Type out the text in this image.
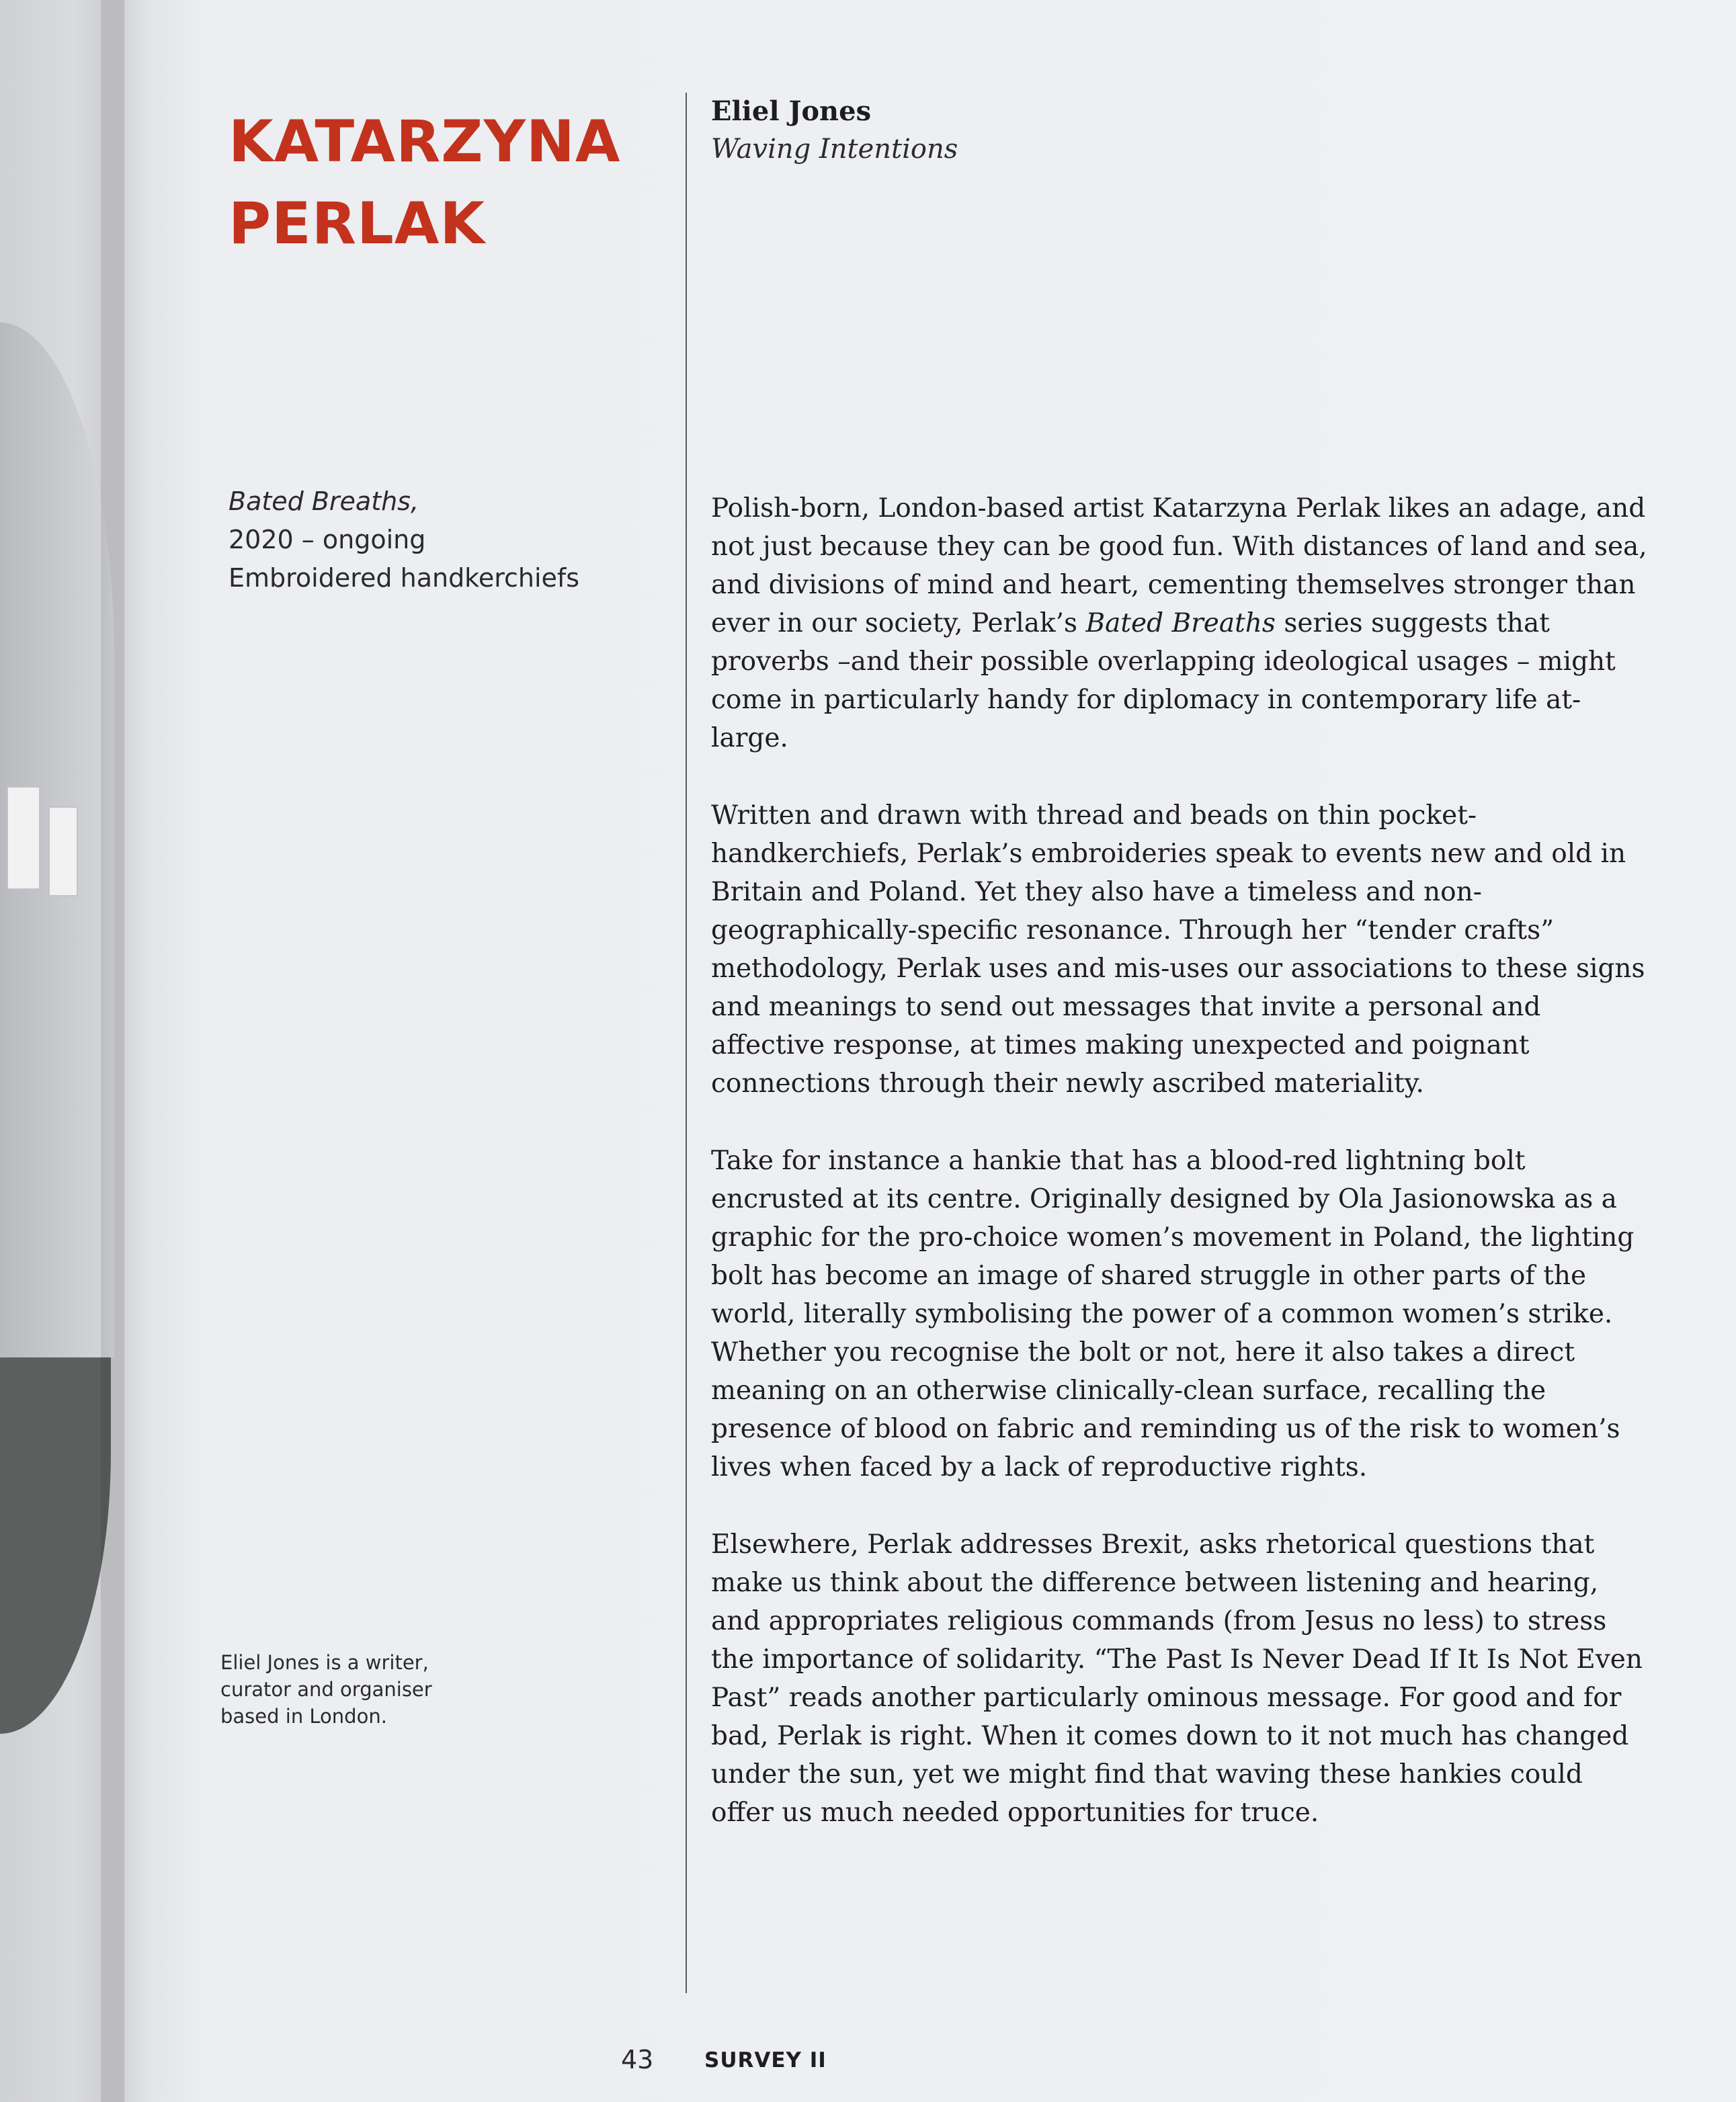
KATARZYNA
PERLAK

Eliel Jones

Waving Intentions

Bated Breaths,
2020 – ongoing
Embroidered handkerchiefs
Eliel Jones is a writer, curator and organiser based in London.

Polish-born, London-based artist Katarzyna Perlak likes an adage, and not just because they can be good fun. With distances of land and sea, and divisions of mind and heart, cementing themselves stronger than ever in our society, Perlak’s Bated Breaths series suggests that proverbs –and their possible overlapping ideological usages – might come in particularly handy for diplomacy in contemporary life at-large.

Written and drawn with thread and beads on thin pocket-handkerchiefs, Perlak’s embroideries speak to events new and old in Britain and Poland. Yet they also have a timeless and non-geographically-specific resonance. Through her “tender crafts” methodology, Perlak uses and mis-uses our associations to these signs and meanings to send out messages that invite a personal and affective response, at times making unexpected and poignant connections through their newly ascribed materiality.

Take for instance a hankie that has a blood-red lightning bolt encrusted at its centre. Originally designed by Ola Jasionowska as a graphic for the pro-choice women’s movement in Poland, the lighting bolt has become an image of shared struggle in other parts of the world, literally symbolising the power of a common women’s strike. Whether you recognise the bolt or not, here it also takes a direct meaning on an otherwise clinically-clean surface, recalling the presence of blood on fabric and reminding us of the risk to women’s lives when faced by a lack of reproductive rights.

Elsewhere, Perlak addresses Brexit, asks rhetorical questions that make us think about the difference between listening and hearing, and appropriates religious commands (from Jesus no less) to stress the importance of solidarity. “The Past Is Never Dead If It Is Not Even Past” reads another particularly ominous message. For good and for bad, Perlak is right. When it comes down to it not much has changed under the sun, yet we might find that waving these hankies could offer us much needed opportunities for truce.

43 SURVEY II
